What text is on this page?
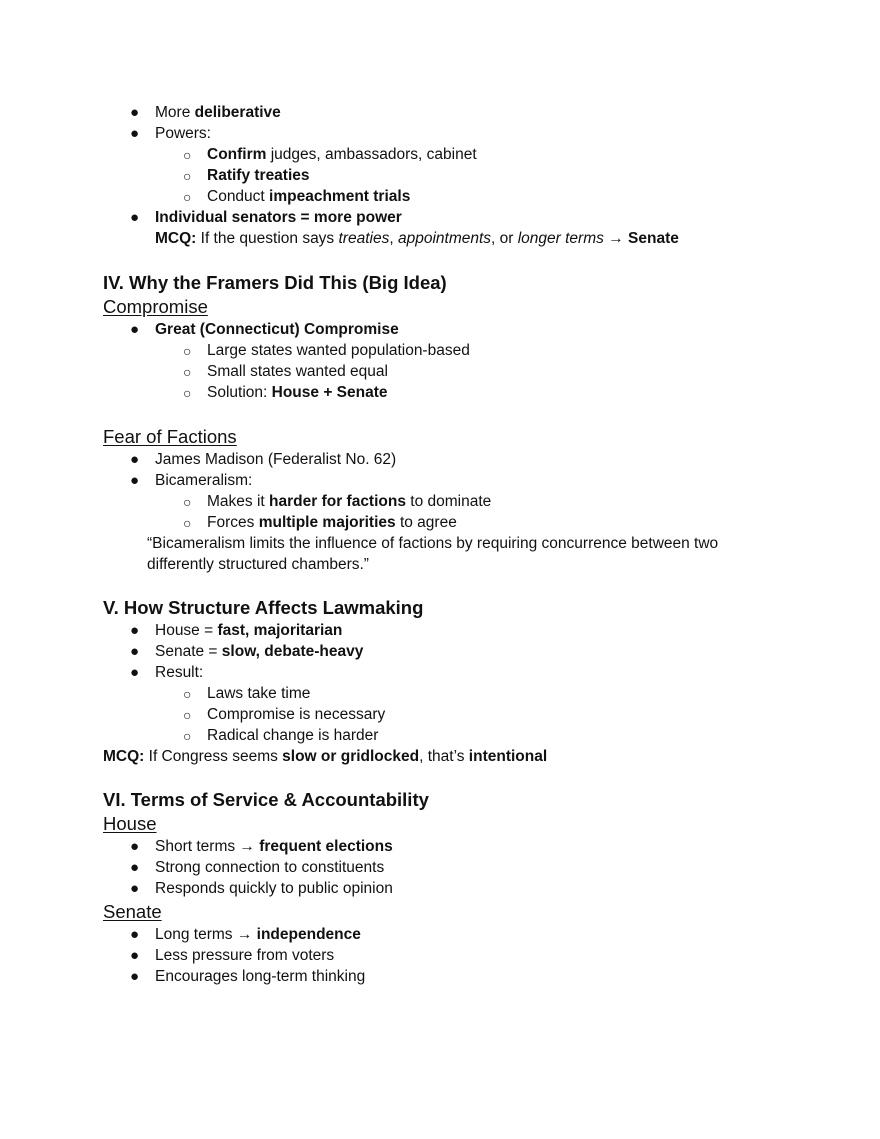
● More deliberative
● Powers:
○ Confirm judges, ambassadors, cabinet
○ Ratify treaties
○ Conduct impeachment trials
● Individual senators = more power
MCQ: If the question says treaties, appointments, or longer terms → Senate
IV. Why the Framers Did This (Big Idea)
Compromise
● Great (Connecticut) Compromise
○ Large states wanted population-based
○ Small states wanted equal
○ Solution: House + Senate
Fear of Factions
● James Madison (Federalist No. 62)
● Bicameralism:
○ Makes it harder for factions to dominate
○ Forces multiple majorities to agree
“Bicameralism limits the influence of factions by requiring concurrence between two
differently structured chambers.”
V. How Structure Affects Lawmaking
● House = fast, majoritarian
● Senate = slow, debate-heavy
● Result:
○ Laws take time
○ Compromise is necessary
○ Radical change is harder
MCQ: If Congress seems slow or gridlocked, that’s intentional
VI. Terms of Service & Accountability
House
● Short terms → frequent elections
● Strong connection to constituents
● Responds quickly to public opinion
Senate
● Long terms → independence
● Less pressure from voters
● Encourages long-term thinking
